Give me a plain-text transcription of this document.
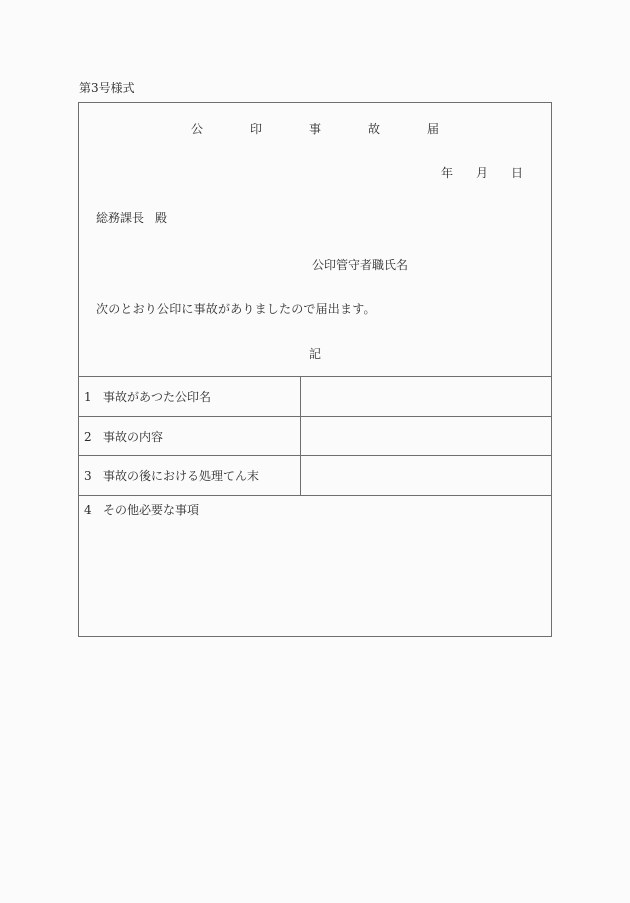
第3号様式
公	印	事	故	届
年 月 日
総務課長 殿
公印管守者職氏名
次のとおり公印に事故がありましたので届出ます。
記
1 事故があつた公印名
2 事故の内容
3 事故の後における処理てん末
4 その他必要な事項
